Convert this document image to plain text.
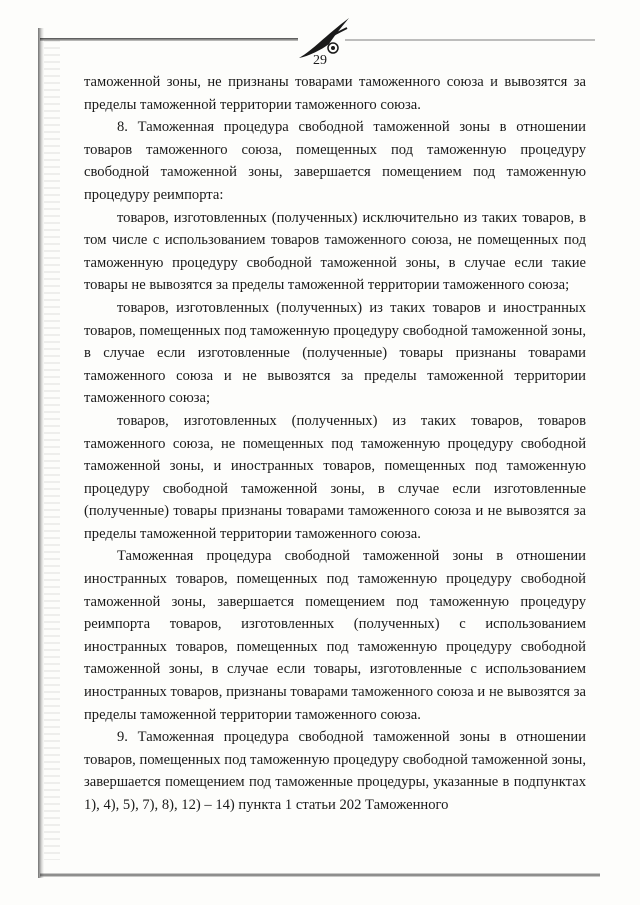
29

таможенной зоны, не признаны товарами таможенного союза и вывозятся за пределы таможенной территории таможенного союза.

8. Таможенная процедура свободной таможенной зоны в отношении товаров таможенного союза, помещенных под таможенную процедуру свободной таможенной зоны, завершается помещением под таможенную процедуру реимпорта:

товаров, изготовленных (полученных) исключительно из таких товаров, в том числе с использованием товаров таможенного союза, не помещенных под таможенную процедуру свободной таможенной зоны, в случае если такие товары не вывозятся за пределы таможенной территории таможенного союза;

товаров, изготовленных (полученных) из таких товаров и иностранных товаров, помещенных под таможенную процедуру свободной таможенной зоны, в случае если изготовленные (полученные) товары признаны товарами таможенного союза и не вывозятся за пределы таможенной территории таможенного союза;

товаров, изготовленных (полученных) из таких товаров, товаров таможенного союза, не помещенных под таможенную процедуру свободной таможенной зоны, и иностранных товаров, помещенных под таможенную процедуру свободной таможенной зоны, в случае если изготовленные (полученные) товары признаны товарами таможенного союза и не вывозятся за пределы таможенной территории таможенного союза.

Таможенная процедура свободной таможенной зоны в отношении иностранных товаров, помещенных под таможенную процедуру свободной таможенной зоны, завершается помещением под таможенную процедуру реимпорта товаров, изготовленных (полученных) с использованием иностранных товаров, помещенных под таможенную процедуру свободной таможенной зоны, в случае если товары, изготовленные с использованием иностранных товаров, признаны товарами таможенного союза и не вывозятся за пределы таможенной территории таможенного союза.

9. Таможенная процедура свободной таможенной зоны в отношении товаров, помещенных под таможенную процедуру свободной таможенной зоны, завершается помещением под таможенные процедуры, указанные в подпунктах 1), 4), 5), 7), 8), 12) – 14) пункта 1 статьи 202 Таможенного
